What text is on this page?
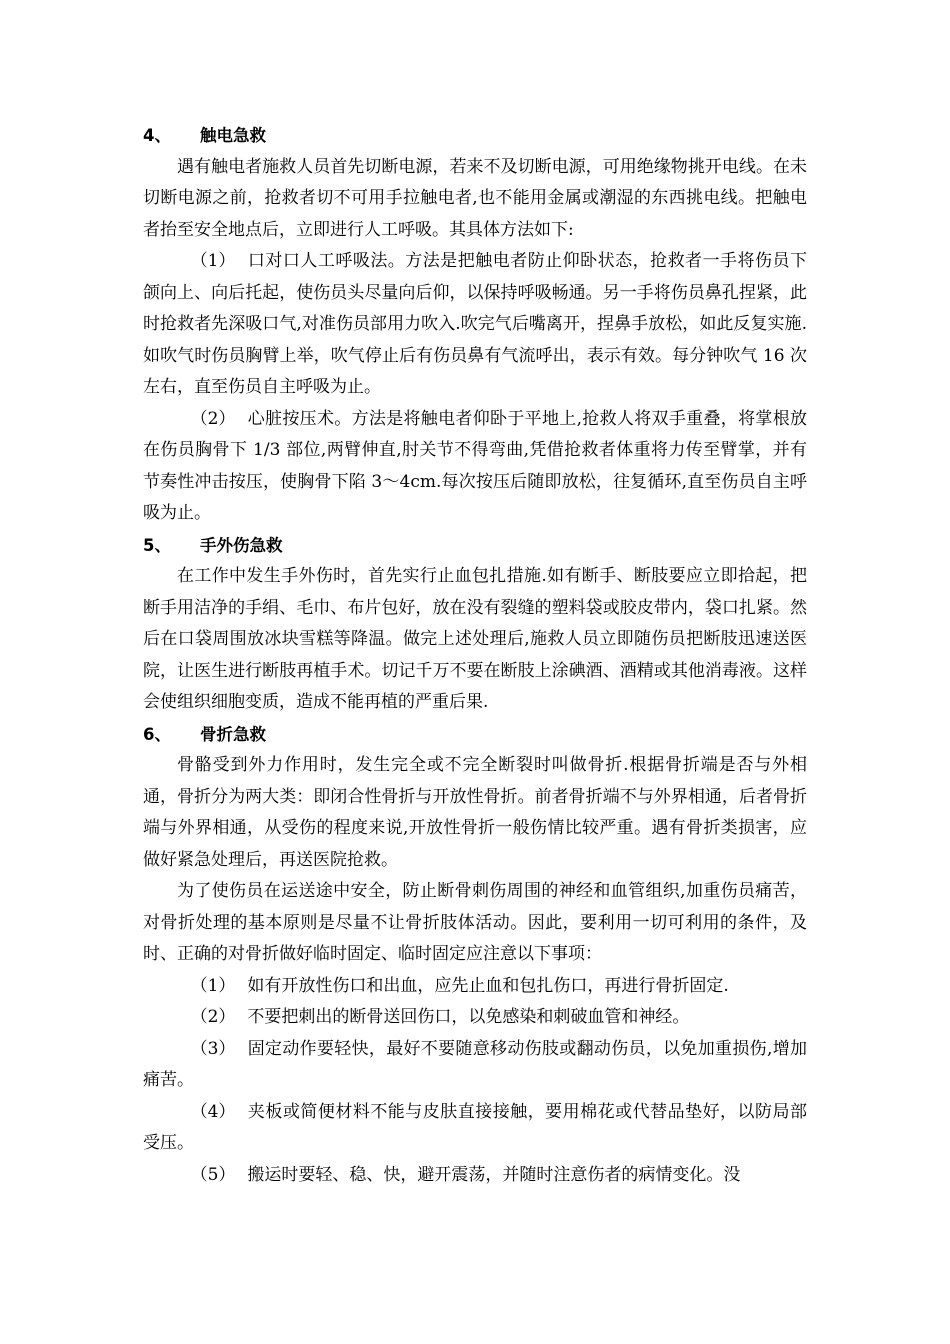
4、 触电急救

遇有触电者施救人员首先切断电源，若来不及切断电源，可用绝缘物挑开电线。在未切断电源之前，抢救者切不可用手拉触电者,也不能用金属或潮湿的东西挑电线。把触电者抬至安全地点后，立即进行人工呼吸。其具体方法如下:

（1） 口对口人工呼吸法。方法是把触电者防止仰卧状态，抢救者一手将伤员下颌向上、向后托起，使伤员头尽量向后仰，以保持呼吸畅通。另一手将伤员鼻孔捏紧，此时抢救者先深吸口气,对准伤员部用力吹入.吹完气后嘴离开，捏鼻手放松，如此反复实施.如吹气时伤员胸臂上举，吹气停止后有伤员鼻有气流呼出，表示有效。每分钟吹气 16 次左右，直至伤员自主呼吸为止。

（2） 心脏按压术。方法是将触电者仰卧于平地上,抢救人将双手重叠，将掌根放在伤员胸骨下 1/3 部位,两臂伸直,肘关节不得弯曲,凭借抢救者体重将力传至臂掌，并有节奏性冲击按压，使胸骨下陷 3～4cm.每次按压后随即放松，往复循环,直至伤员自主呼吸为止。

5、 手外伤急救

在工作中发生手外伤时，首先实行止血包扎措施.如有断手、断肢要应立即拾起，把断手用洁净的手绢、毛巾、布片包好，放在没有裂缝的塑料袋或胶皮带内，袋口扎紧。然后在口袋周围放冰块雪糕等降温。做完上述处理后,施救人员立即随伤员把断肢迅速送医院，让医生进行断肢再植手术。切记千万不要在断肢上涂碘酒、酒精或其他消毒液。这样会使组织细胞变质，造成不能再植的严重后果.

6、 骨折急救

骨骼受到外力作用时，发生完全或不完全断裂时叫做骨折.根据骨折端是否与外相通，骨折分为两大类：即闭合性骨折与开放性骨折。前者骨折端不与外界相通，后者骨折端与外界相通，从受伤的程度来说,开放性骨折一般伤情比较严重。遇有骨折类损害，应做好紧急处理后，再送医院抢救。

为了使伤员在运送途中安全，防止断骨刺伤周围的神经和血管组织,加重伤员痛苦，对骨折处理的基本原则是尽量不让骨折肢体活动。因此，要利用一切可利用的条件，及时、正确的对骨折做好临时固定、临时固定应注意以下事项：

（1） 如有开放性伤口和出血，应先止血和包扎伤口，再进行骨折固定.

（2） 不要把刺出的断骨送回伤口，以免感染和刺破血管和神经。

（3） 固定动作要轻快，最好不要随意移动伤肢或翻动伤员，以免加重损伤,增加痛苦。

（4） 夹板或简便材料不能与皮肤直接接触，要用棉花或代替品垫好，以防局部受压。

（5） 搬运时要轻、稳、快，避开震荡，并随时注意伤者的病情变化。没
